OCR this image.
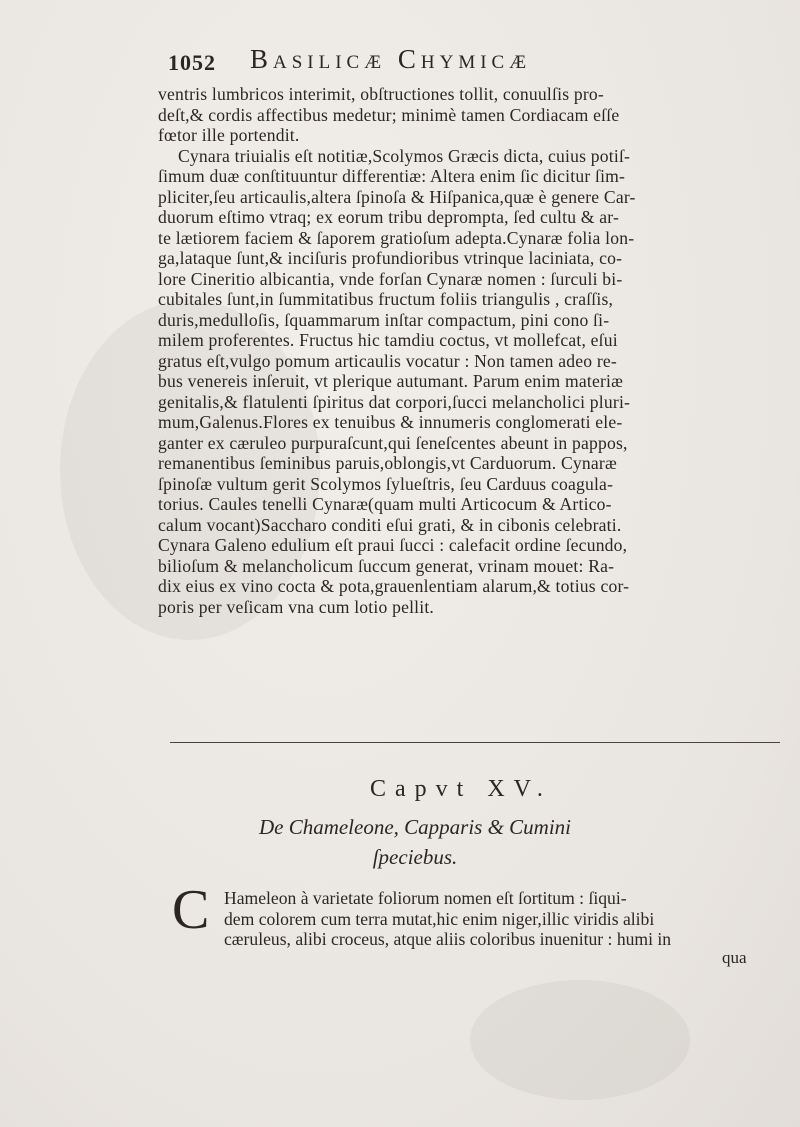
1052 Basilicæ Chymicæ
ventris lumbricos interimit, obſtructiones tollit, conuulſis pro-
deſt,& cordis affectibus medetur; minimè tamen Cordiacam eſſe
fœtor ille portendit.
Cynara triuialis eſt notitiæ,Scolymos Græcis dicta, cuius potiſ-
ſimum duæ conſtituuntur differentiæ: Altera enim ſic dicitur ſim-
pliciter,ſeu articaulis,altera ſpinoſa & Hiſpanica,quæ è genere Car-
duorum eſtimo vtraq; ex eorum tribu deprompta, ſed cultu & ar-
te lætiorem faciem & ſaporem gratioſum adepta.Cynaræ folia lon-
ga,lataque ſunt,& inciſuris profundioribus vtrinque laciniata, co-
lore Cineritio albicantia, vnde forſan Cynaræ nomen : ſurculi bi-
cubitales ſunt,in ſummitatibus fructum foliis triangulis , craſſis,
duris,medulloſis, ſquammarum inſtar compactum, pini cono ſi-
milem proferentes. Fructus hic tamdiu coctus, vt mollefcat, eſui
gratus eſt,vulgo pomum articaulis vocatur : Non tamen adeo re-
bus venereis inſeruit, vt plerique autumant. Parum enim materiæ
genitalis,& flatulenti ſpiritus dat corpori,ſucci melancholici pluri-
mum,Galenus.Flores ex tenuibus & innumeris conglomerati ele-
ganter ex cæruleo purpuraſcunt,qui ſeneſcentes abeunt in pappos,
remanentibus ſeminibus paruis,oblongis,vt Carduorum. Cynaræ
ſpinoſæ vultum gerit Scolymos ſylueſtris, ſeu Carduus coagula-
torius. Caules tenelli Cynaræ(quam multi Articocum & Artico-
calum vocant)Saccharo conditi eſui grati, & in cibonis celebrati.
Cynara Galeno edulium eſt praui ſucci : calefacit ordine ſecundo,
bilioſum & melancholicum ſuccum generat, vrinam mouet: Ra-
dix eius ex vino cocta & pota,grauenlentiam alarum,& totius cor-
poris per veſicam vna cum lotio pellit.
Capvt XV.
De Chameleone, Capparis & Cumini
ſpeciebus.
C Hameleon à varietate foliorum nomen eſt ſortitum : ſiqui-
dem colorem cum terra mutat,hic enim niger,illic viridis alibi
cæruleus, alibi croceus, atque aliis coloribus inuenitur : humi in
qua
